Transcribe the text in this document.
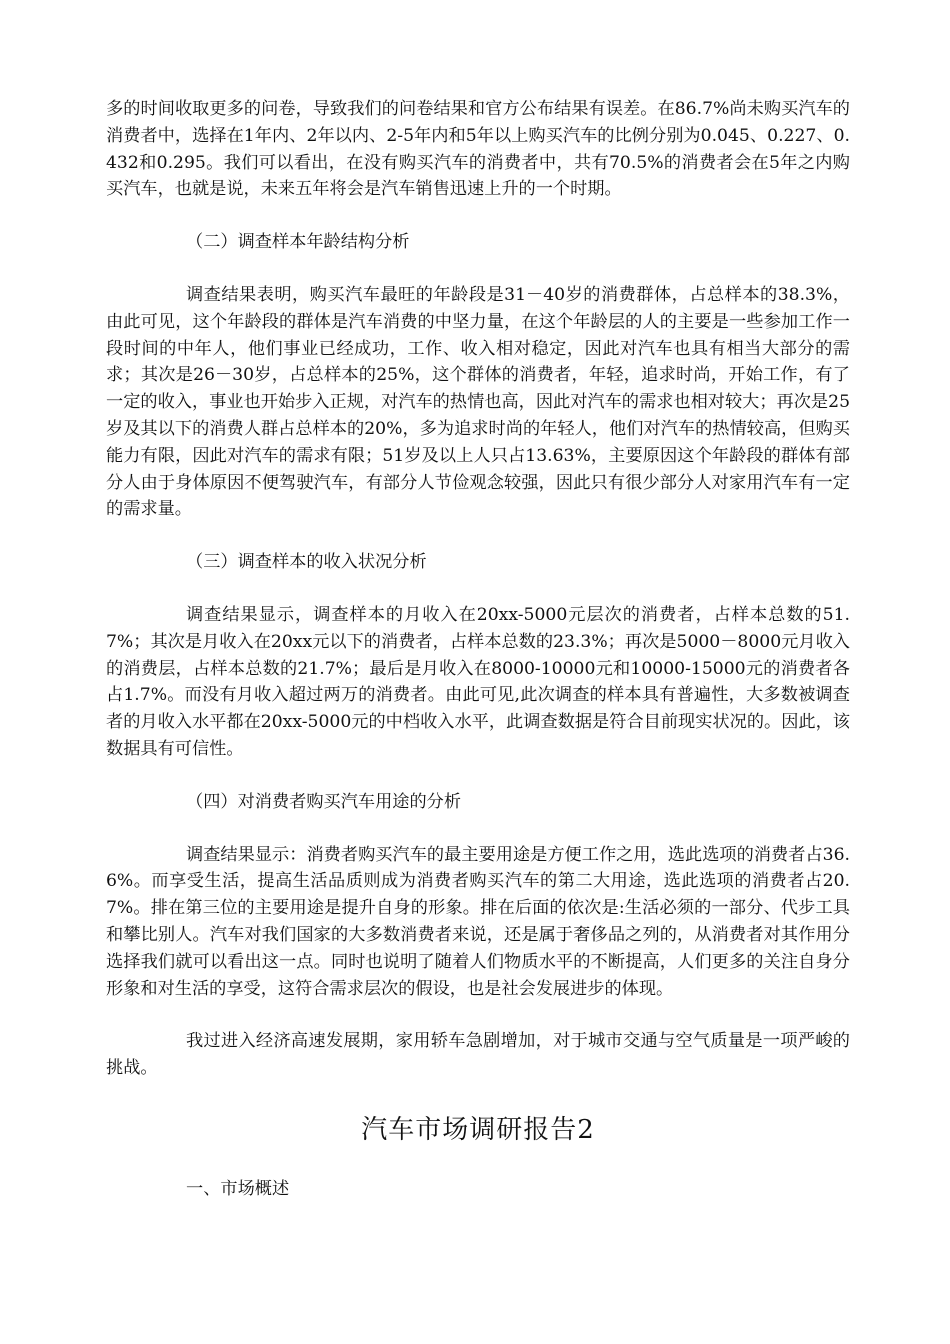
多的时间收取更多的问卷，导致我们的问卷结果和官方公布结果有误差。在86.7%尚未购买汽车的消费者中，选择在1年内、2年以内、2-5年内和5年以上购买汽车的比例分别为0.045、0.227、0.432和0.295。我们可以看出，在没有购买汽车的消费者中，共有70.5%的消费者会在5年之内购买汽车，也就是说，未来五年将会是汽车销售迅速上升的一个时期。

（二）调查样本年龄结构分析

调查结果表明，购买汽车最旺的年龄段是31－40岁的消费群体，占总样本的38.3%，由此可见，这个年龄段的群体是汽车消费的中坚力量，在这个年龄层的人的主要是一些参加工作一段时间的中年人，他们事业已经成功，工作、收入相对稳定，因此对汽车也具有相当大部分的需求；其次是26－30岁，占总样本的25%，这个群体的消费者，年轻，追求时尚，开始工作，有了一定的收入，事业也开始步入正规，对汽车的热情也高，因此对汽车的需求也相对较大；再次是25岁及其以下的消费人群占总样本的20%，多为追求时尚的年轻人，他们对汽车的热情较高，但购买能力有限，因此对汽车的需求有限；51岁及以上人只占13.63%，主要原因这个年龄段的群体有部分人由于身体原因不便驾驶汽车，有部分人节俭观念较强，因此只有很少部分人对家用汽车有一定的需求量。

（三）调查样本的收入状况分析

调查结果显示，调查样本的月收入在20xx-5000元层次的消费者，占样本总数的51.7%；其次是月收入在20xx元以下的消费者，占样本总数的23.3%；再次是5000－8000元月收入的消费层，占样本总数的21.7%；最后是月收入在8000-10000元和10000-15000元的消费者各占1.7%。而没有月收入超过两万的消费者。由此可见,此次调查的样本具有普遍性，大多数被调查者的月收入水平都在20xx-5000元的中档收入水平，此调查数据是符合目前现实状况的。因此，该数据具有可信性。

（四）对消费者购买汽车用途的分析

调查结果显示：消费者购买汽车的最主要用途是方便工作之用，选此选项的消费者占36.6%。而享受生活，提高生活品质则成为消费者购买汽车的第二大用途，选此选项的消费者占20.7%。排在第三位的主要用途是提升自身的形象。排在后面的依次是:生活必须的一部分、代步工具和攀比别人。汽车对我们国家的大多数消费者来说，还是属于奢侈品之列的，从消费者对其作用分选择我们就可以看出这一点。同时也说明了随着人们物质水平的不断提高，人们更多的关注自身分形象和对生活的享受，这符合需求层次的假设，也是社会发展进步的体现。

我过进入经济高速发展期，家用轿车急剧增加，对于城市交通与空气质量是一项严峻的挑战。

汽车市场调研报告2

一、市场概述
